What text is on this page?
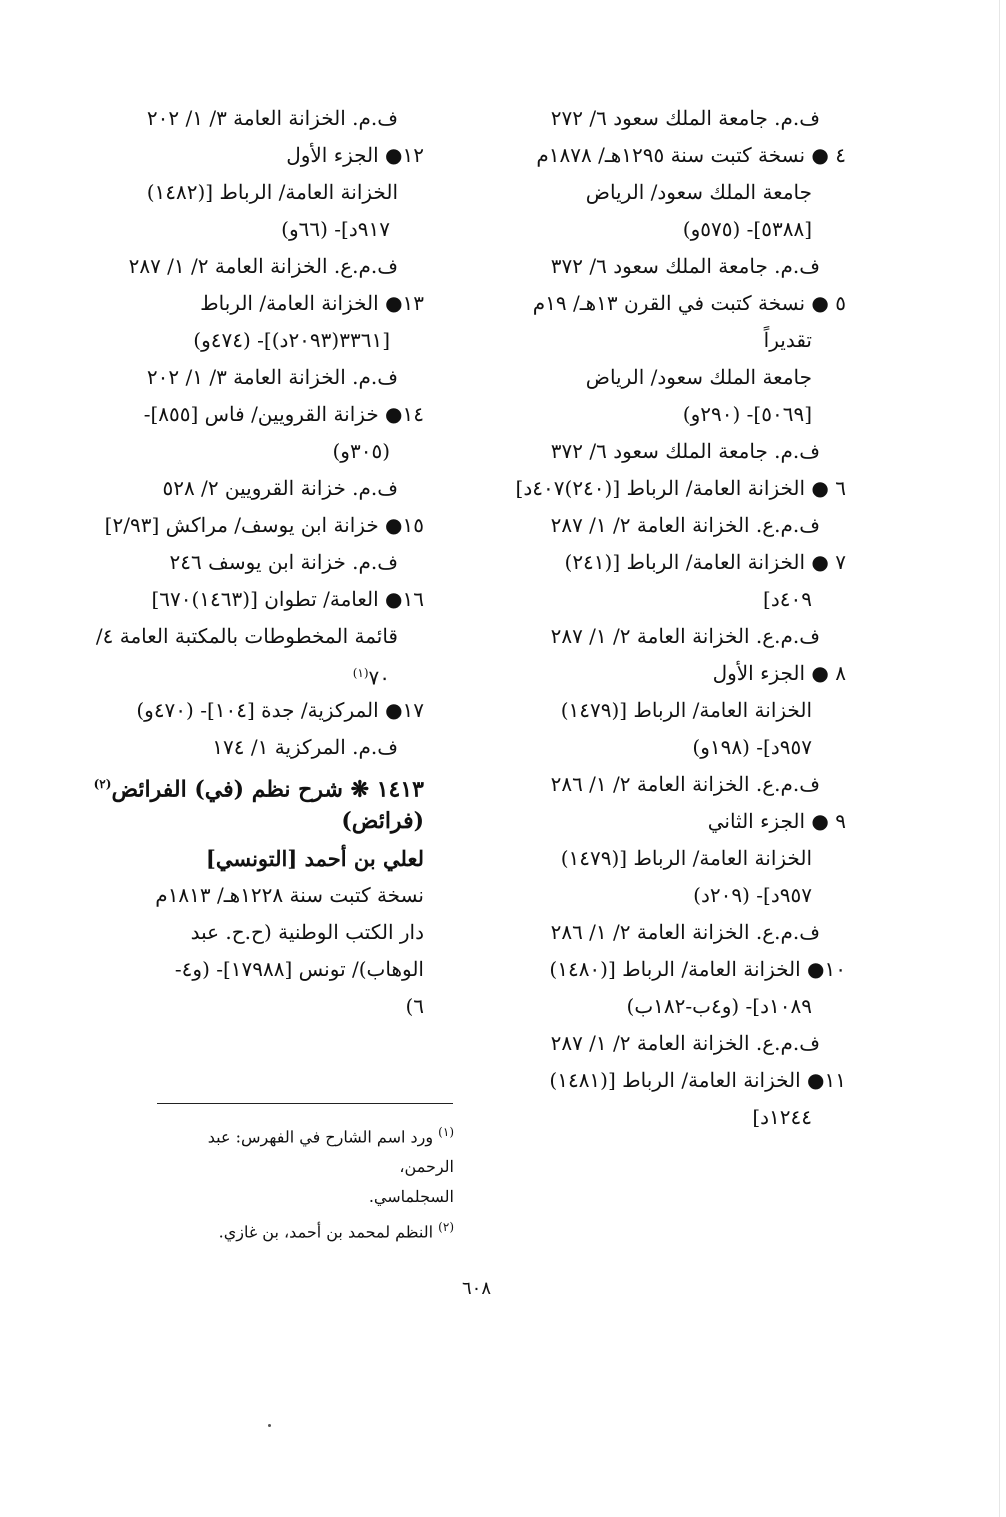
ف.م. جامعة الملك سعود ٦/ ٢٧٢
٤ ● نسخة كتبت سنة ١٢٩٥هـ/ ١٨٧٨م
جامعة الملك سعود/ الرياض
[٥٣٨٨]- (٥٧٥و)
ف.م. جامعة الملك سعود ٦/ ٣٧٢
٥ ● نسخة كتبت في القرن ١٣هـ/ ١٩م
تقديراً
جامعة الملك سعود/ الرياض
[٥٠٦٩]- (٢٩٠و)
ف.م. جامعة الملك سعود ٦/ ٣٧٢
٦ ● الخزانة العامة/ الرباط [(٢٤٠)٤٠٧د]
ف.م.ع. الخزانة العامة ٢/ ١/ ٢٨٧
٧ ● الخزانة العامة/ الرباط [(٢٤١)
٤٠٩د]
ف.م.ع. الخزانة العامة ٢/ ١/ ٢٨٧
٨ ● الجزء الأول
الخزانة العامة/ الرباط [(١٤٧٩)
٩٥٧د]- (١٩٨و)
ف.م.ع. الخزانة العامة ٢/ ١/ ٢٨٦
٩ ● الجزء الثاني
الخزانة العامة/ الرباط [(١٤٧٩)
٩٥٧د]- (٢٠٩د)
ف.م.ع. الخزانة العامة ٢/ ١/ ٢٨٦
١٠● الخزانة العامة/ الرباط [(١٤٨٠)
١٠٨٩د]- (و٤ب-١٨٢ب)
ف.م.ع. الخزانة العامة ٢/ ١/ ٢٨٧
١١● الخزانة العامة/ الرباط [(١٤٨١)
١٢٤٤د]
ف.م. الخزانة العامة ٣/ ١/ ٢٠٢
١٢● الجزء الأول
الخزانة العامة/ الرباط [(١٤٨٢)
٩١٧د]- (٦٦و)
ف.م.ع. الخزانة العامة ٢/ ١/ ٢٨٧
١٣● الخزانة العامة/ الرباط
[٣٣٦١(٢٠٩٣د)]- (٤٧٤و)
ف.م. الخزانة العامة ٣/ ١/ ٢٠٢
١٤● خزانة القرويين/ فاس [٨٥٥]-
(٣٠٥و)
ف.م. خزانة القرويين ٢/ ٥٢٨
١٥● خزانة ابن يوسف/ مراكش [٢/٩٣]
ف.م. خزانة ابن يوسف ٢٤٦
١٦● العامة/ تطوان [(١٤٦٣)٦٧٠]
قائمة المخطوطات بالمكتبة العامة ٤/
٧٠$^{(١)}$
١٧● المركزية/ جدة [١٠٤]- (٤٧٠و)
ف.م. المركزية ١/ ١٧٤
١٤١٣ ❋ شرح نظم (في) الفرائض$^{(٢)}$
(فرائض)
لعلي بن أحمد [التونسي]
نسخة كتبت سنة ١٢٢٨هـ/ ١٨١٣م
دار الكتب الوطنية (ح.ح. عبد
الوهاب)/ تونس [١٧٩٨٨]- (و٤-
٦)
$^{(١)}$ ورد اسم الشارح في الفهرس: عبد الرحمن،
السجلماسي.
$^{(٢)}$ النظم لمحمد بن أحمد، بن غازي.
٦٠٨
